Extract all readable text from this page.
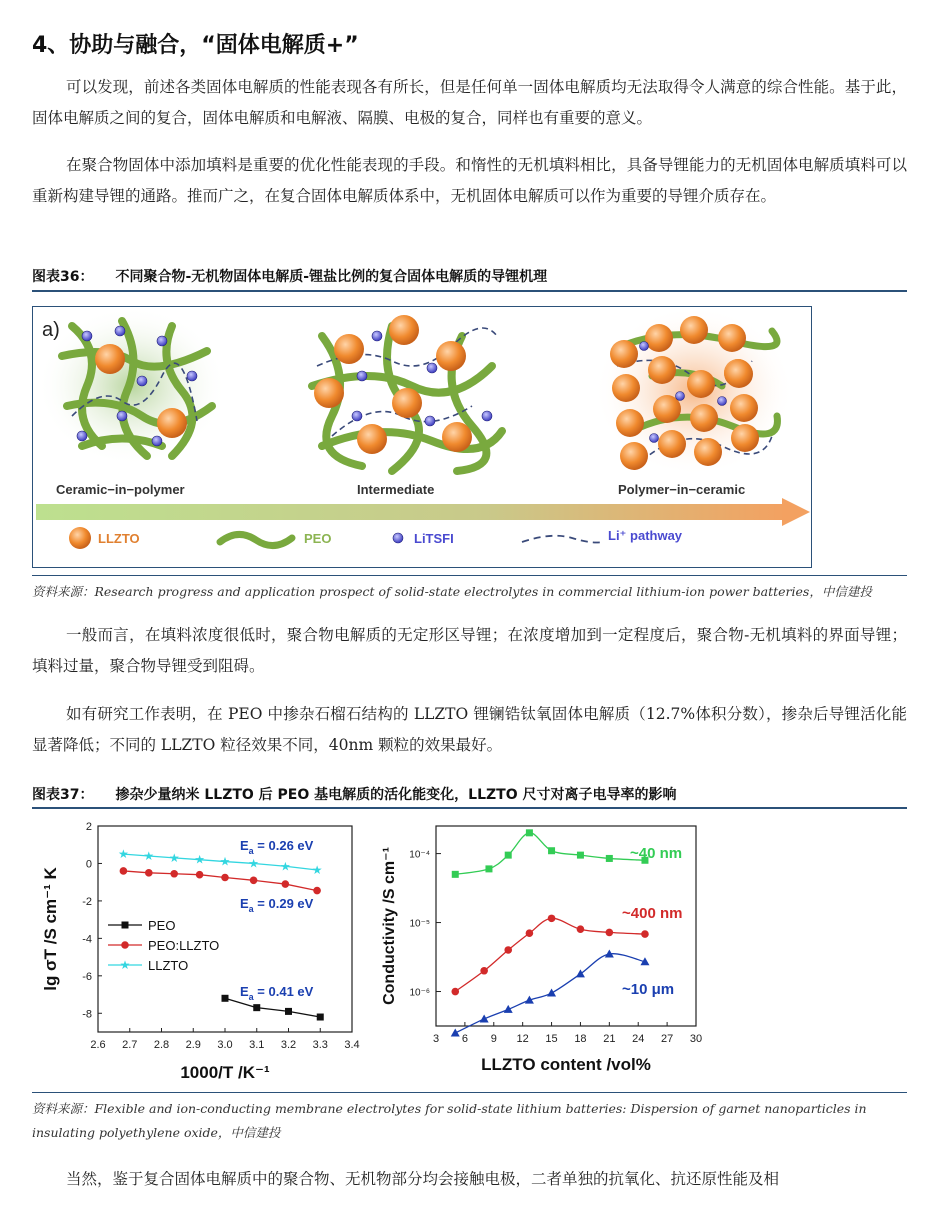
4、协助与融合，“固体电解质+”
可以发现，前述各类固体电解质的性能表现各有所长，但是任何单一固体电解质均无法取得令人满意的综合性能。基于此，固体电解质之间的复合，固体电解质和电解液、隔膜、电极的复合，同样也有重要的意义。
在聚合物固体中添加填料是重要的优化性能表现的手段。和惰性的无机填料相比，具备导锂能力的无机固体电解质填料可以重新构建导锂的通路。推而广之，在复合固体电解质体系中，无机固体电解质可以作为重要的导锂介质存在。
图表36： 不同聚合物-无机物固体电解质-锂盐比例的复合固体电解质的导锂机理
a)
Ceramic−in−polymer	Intermediate	Polymer−in−ceramic
LLZTO	PEO	LiTSFI	Li⁺ pathway
资料来源：Research progress and application prospect of solid-state electrolytes in commercial lithium-ion power batteries，中信建投
一般而言，在填料浓度很低时，聚合物电解质的无定形区导锂；在浓度增加到一定程度后，聚合物-无机填料的界面导锂；填料过量，聚合物导锂受到阻碍。
如有研究工作表明，在 PEO 中掺杂石榴石结构的 LLZTO 锂镧锆钛氧固体电解质（12.7%体积分数），掺杂后导锂活化能显著降低；不同的 LLZTO 粒径效果不同，40nm 颗粒的效果最好。
图表37： 掺杂少量纳米 LLZTO 后 PEO 基电解质的活化能变化，LLZTO 尺寸对离子电导率的影响
2.6 2.7 2.8 2.9 3.0 3.1 3.2 3.3 3.4
2
0
-2
-4
-6
-8
1000/T /K⁻¹
lg σT /S cm⁻¹ K
★ ★ ★ ★ ★ ★ ★ ★
PEO
PEO:LLZTO
★ LLZTO
$E_a = 0.26$ eV
$E_a = 0.29$ eV
$E_a = 0.41$ eV
3 6 9 12 15 18 21 24 27 30
10⁻⁴
10⁻⁵
10⁻⁶
LLZTO content /vol%
Conductivity /S cm⁻¹	~40 nm
~400 nm
~10 μm
资料来源：Flexible and ion-conducting membrane electrolytes for solid-state lithium batteries: Dispersion of garnet nanoparticles in insulating polyethylene oxide，中信建投
当然，鉴于复合固体电解质中的聚合物、无机物部分均会接触电极，二者单独的抗氧化、抗还原性能及相
